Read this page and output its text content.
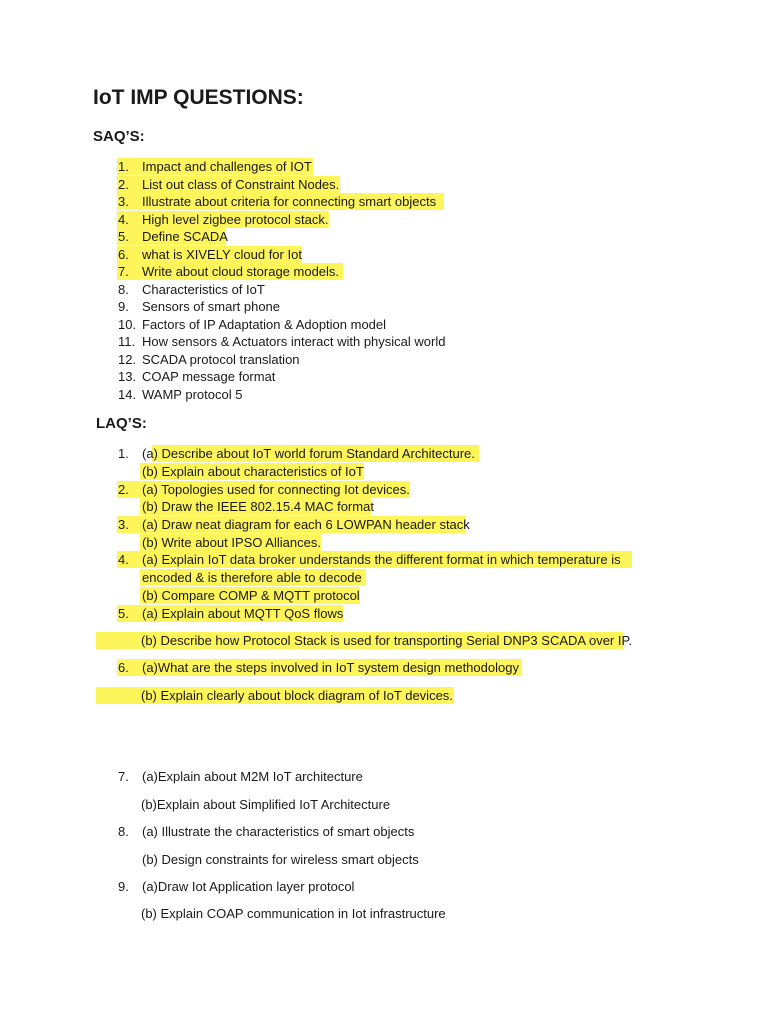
IoT IMP QUESTIONS:
SAQ’S:
1. Impact and challenges of IOT
2. List out class of Constraint Nodes.
3. Illustrate about criteria for connecting smart objects
4. High level zigbee protocol stack.
5. Define SCADA
6. what is XIVELY cloud for Iot
7. Write about cloud storage models.
8. Characteristics of IoT
9. Sensors of smart phone
10. Factors of IP Adaptation & Adoption model
11. How sensors & Actuators interact with physical world
12. SCADA protocol translation
13. COAP message format
14. WAMP protocol 5
LAQ’S:
1. (a) Describe about IoT world forum Standard Architecture.
(b) Explain about characteristics of IoT
2. (a) Topologies used for connecting Iot devices.
(b) Draw the IEEE 802.15.4 MAC format
3. (a) Draw neat diagram for each 6 LOWPAN header stack
(b) Write about IPSO Alliances.
4. (a) Explain IoT data broker understands the different format in which temperature is
encoded & is therefore able to decode
(b) Compare COMP & MQTT protocol
5. (a) Explain about MQTT QoS flows
(b) Describe how Protocol Stack is used for transporting Serial DNP3 SCADA over IP.
6. (a)What are the steps involved in IoT system design methodology
(b) Explain clearly about block diagram of IoT devices.
7. (a)Explain about M2M IoT architecture
(b)Explain about Simplified IoT Architecture
8. (a) Illustrate the characteristics of smart objects
(b) Design constraints for wireless smart objects
9. (a)Draw Iot Application layer protocol
(b) Explain COAP communication in Iot infrastructure
